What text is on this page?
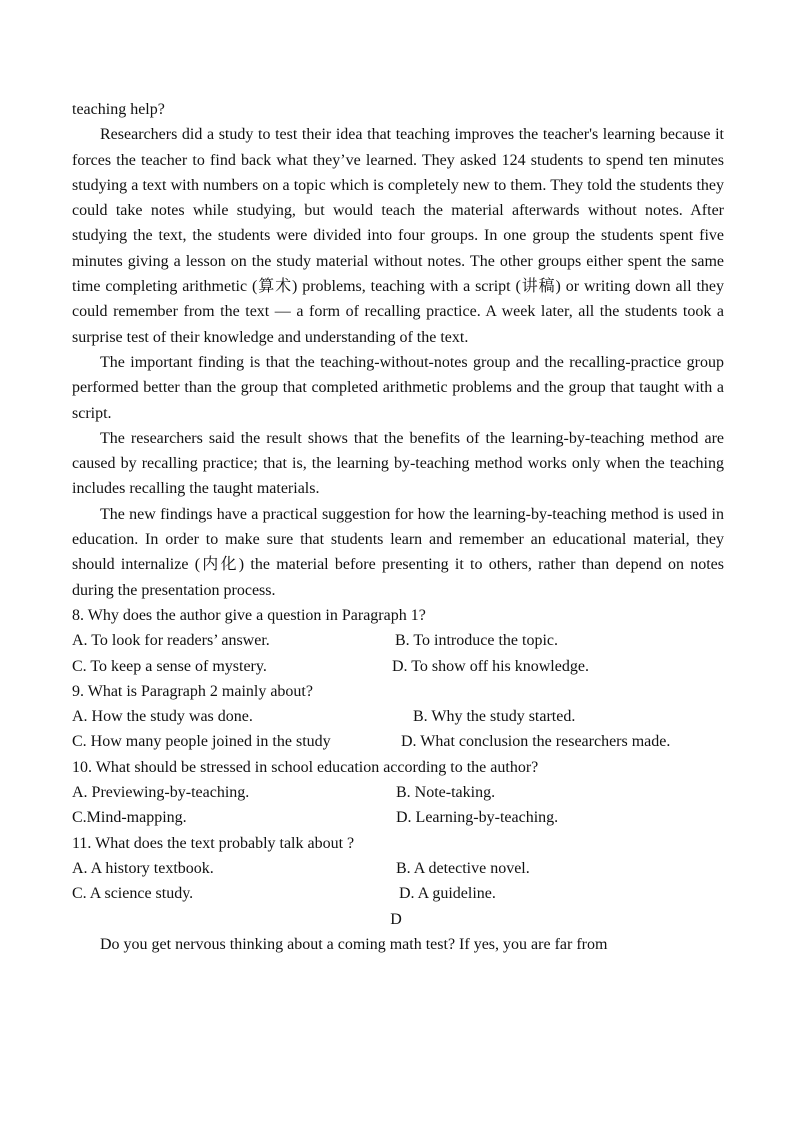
teaching help?

Researchers did a study to test their idea that teaching improves the teacher's learning because it forces the teacher to find back what they’ve learned. They asked 124 students to spend ten minutes studying a text with numbers on a topic which is completely new to them. They told the students they could take notes while studying, but would teach the material afterwards without notes. After studying the text, the students were divided into four groups. In one group the students spent five minutes giving a lesson on the study material without notes. The other groups either spent the same time completing arithmetic (算术) problems, teaching with a script (讲稿) or writing down all they could remember from the text — a form of recalling practice. A week later, all the students took a surprise test of their knowledge and understanding of the text.

The important finding is that the teaching-without-notes group and the recalling-practice group performed better than the group that completed arithmetic problems and the group that taught with a script.

The researchers said the result shows that the benefits of the learning-by-teaching method are caused by recalling practice; that is, the learning by-teaching method works only when the teaching includes recalling the taught materials.

The new findings have a practical suggestion for how the learning-by-teaching method is used in education. In order to make sure that students learn and remember an educational material, they should internalize (内化) the material before presenting it to others, rather than depend on notes during the presentation process.

8. Why does the author give a question in Paragraph 1?

A. To look for readers’ answer.	B. To introduce the topic.
C. To keep a sense of mystery.	D. To show off his knowledge.

9. What is Paragraph 2 mainly about?

A. How the study was done.	B. Why the study started.
C. How many people joined in the study	D. What conclusion the researchers made.

10. What should be stressed in school education according to the author?

A. Previewing-by-teaching.	B. Note-taking.
C.Mind-mapping.	D. Learning-by-teaching.

11. What does the text probably talk about ?

A. A history textbook.	B. A detective novel.
C. A science study.	D. A guideline.

D

Do you get nervous thinking about a coming math test? If yes, you are far from
